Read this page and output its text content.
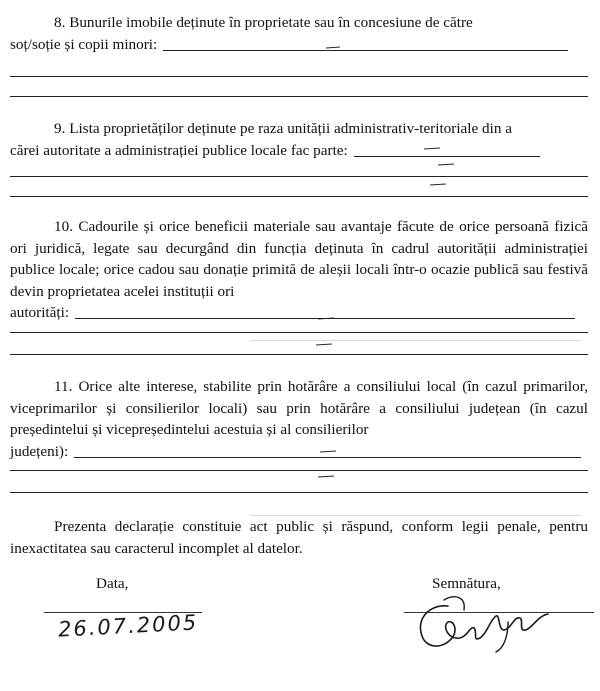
8. Bunurile imobile deținute în proprietate sau în concesiune de către
soț/soție și copii minori:
9. Lista proprietăților deținute pe raza unității administrativ-teritoriale din a
cărei autoritate a administrației publice locale fac parte:
10. Cadourile și orice beneficii materiale sau avantaje făcute de orice persoană fizică ori juridică, legate sau decurgând din funcția deținuta în cadrul autorității administrației publice locale; orice cadou sau donație primită de aleșii locali într-o ocazie publică sau festivă devin proprietatea acelei instituții ori
autorități:
11. Orice alte interese, stabilite prin hotărâre a consiliului local (în cazul primarilor, viceprimarilor și consilierilor locali) sau prin hotărâre a consiliului județean (în cazul președintelui și vicepreședintelui acestuia și al consilierilor
județeni):
Prezenta declarație constituie act public și răspund, conform legii penale, pentru inexactitatea sau caracterul incomplet al datelor.
Data,
26.07.2005
Semnătura,
